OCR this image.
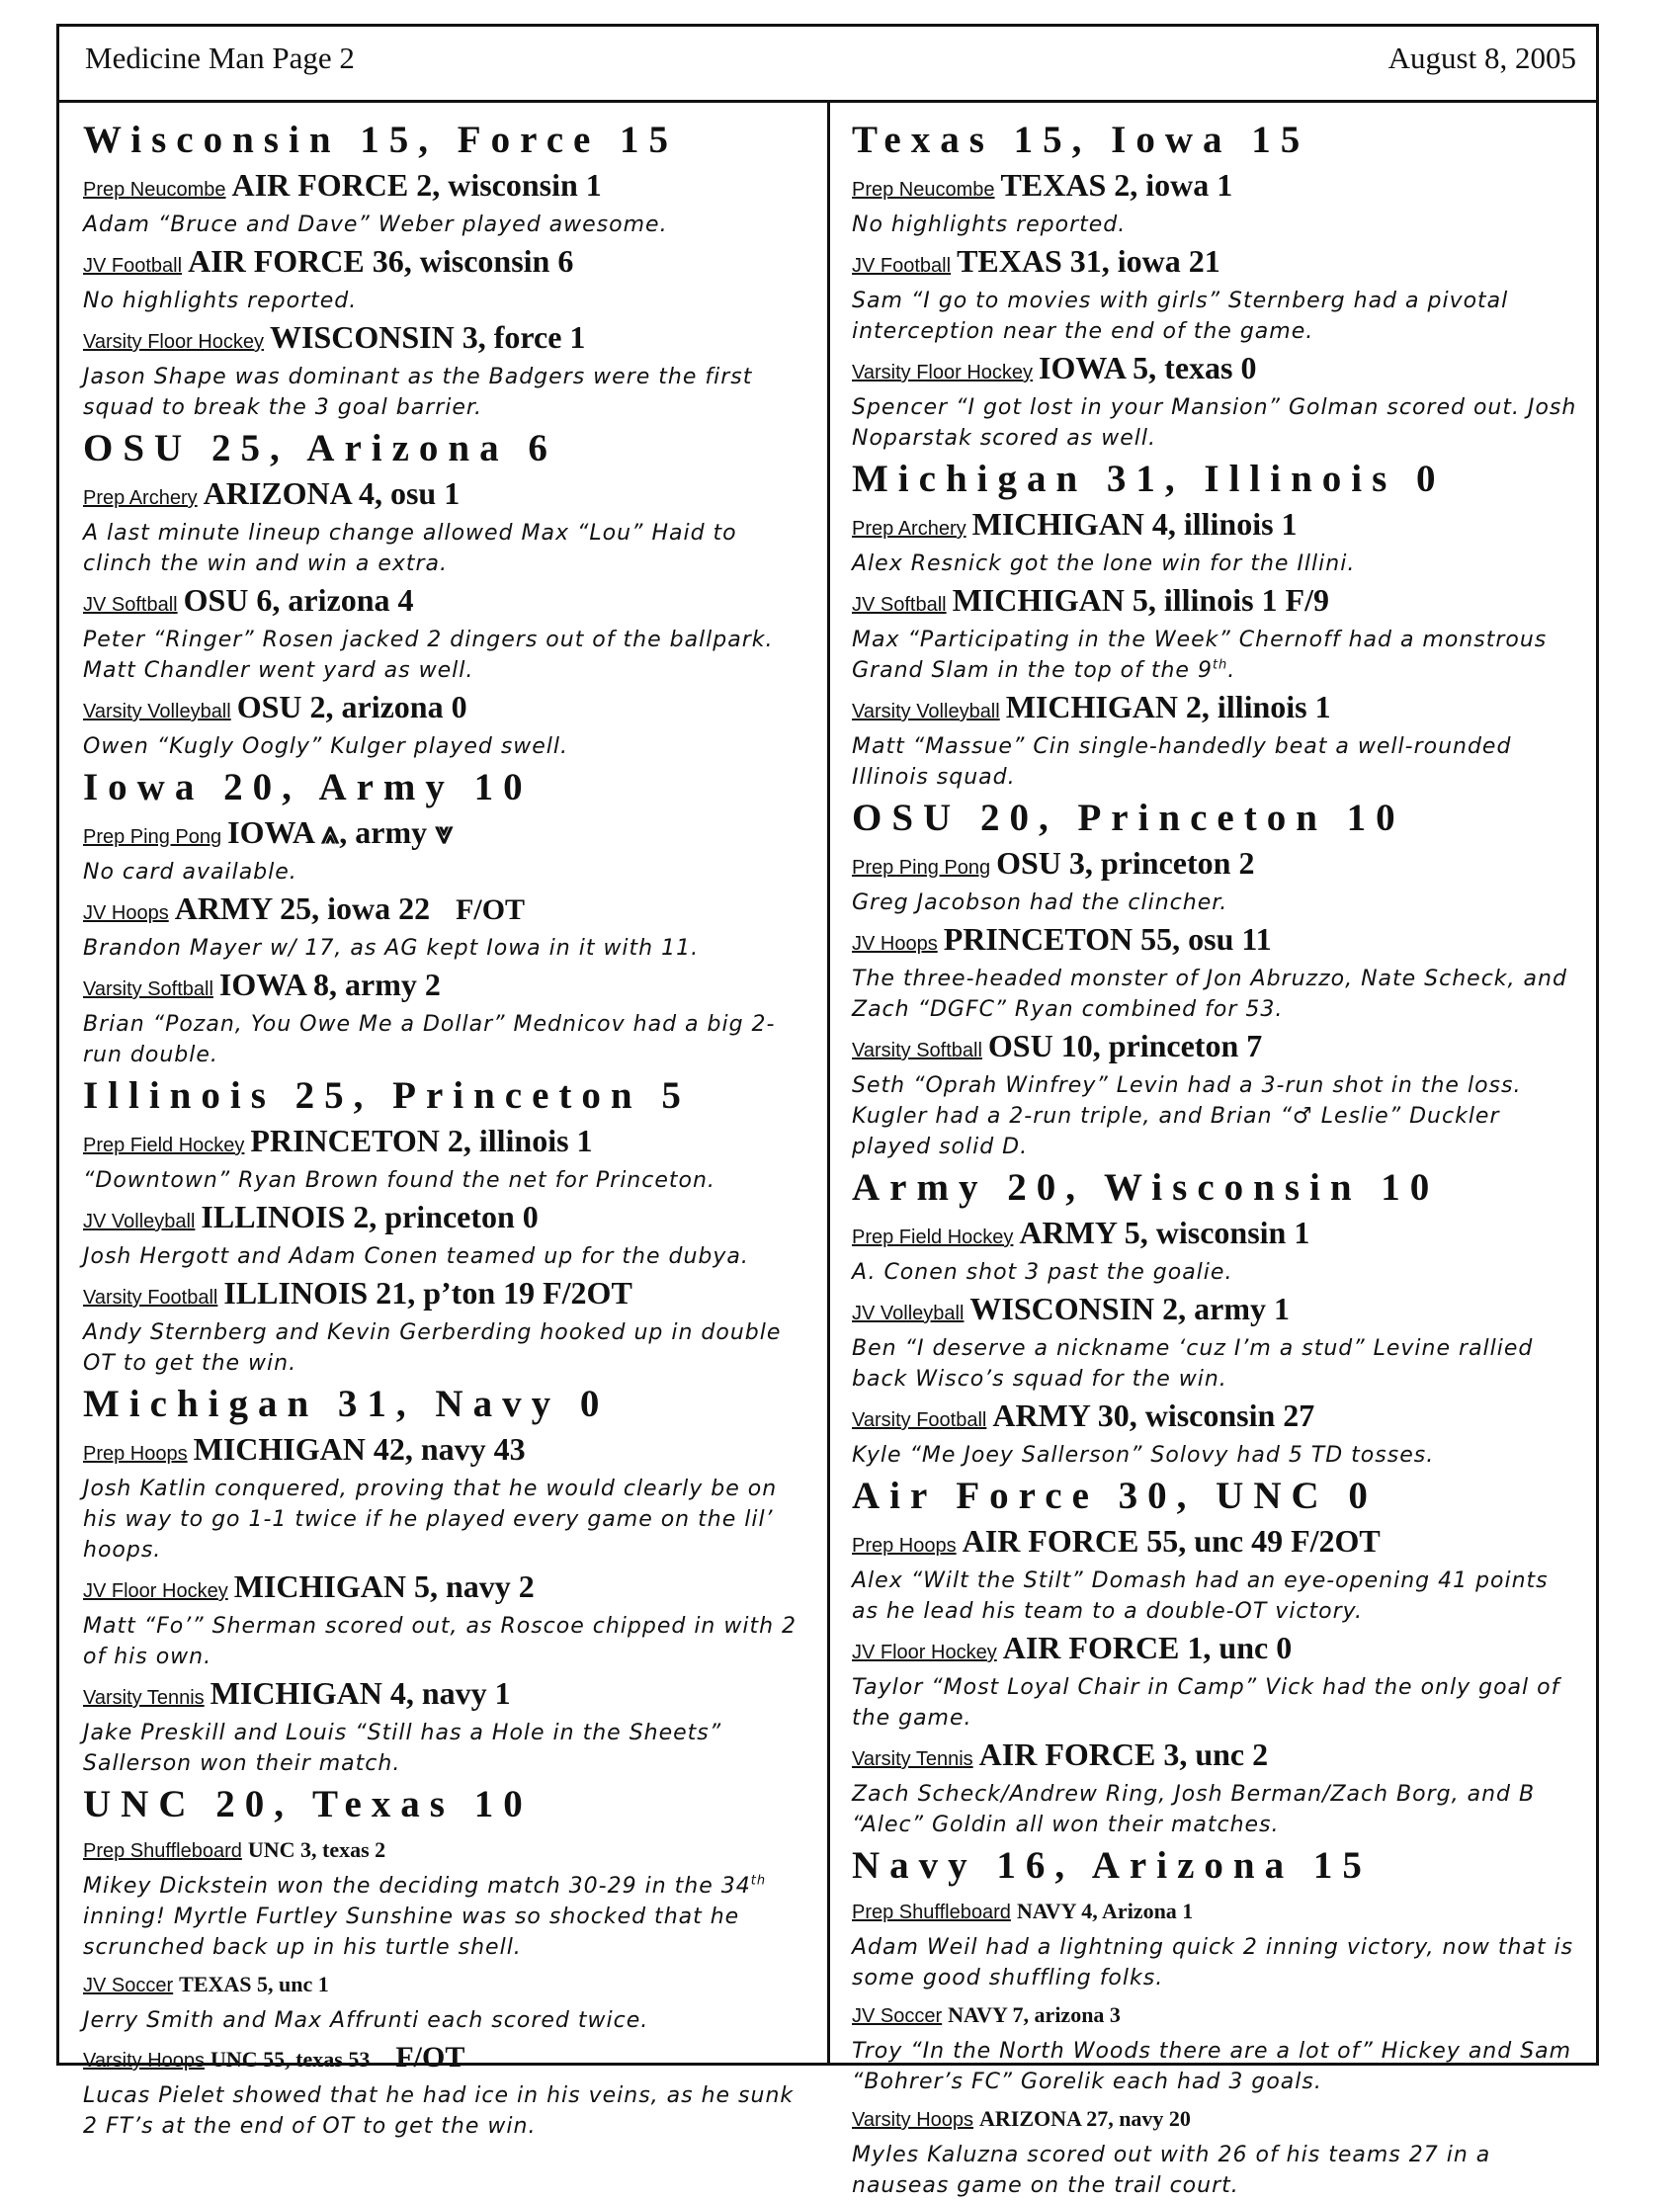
Medicine Man Page 2	August 8, 2005
Wisconsin 15, Force 15
Prep Neucombe AIR FORCE 2, wisconsin 1
Adam “Bruce and Dave” Weber played awesome.
JV Football AIR FORCE 36, wisconsin 6
No highlights reported.
Varsity Floor Hockey WISCONSIN 3, force 1
Jason Shape was dominant as the Badgers were the first squad to break the 3 goal barrier.
OSU 25, Arizona 6
Prep Archery ARIZONA 4, osu 1
A last minute lineup change allowed Max “Lou” Haid to clinch the win and win a extra.
JV Softball OSU 6, arizona 4
Peter “Ringer” Rosen jacked 2 dingers out of the ballpark. Matt Chandler went yard as well.
Varsity Volleyball OSU 2, arizona 0
Owen “Kugly Oogly” Kulger played swell.
Iowa 20, Army 10
Prep Ping Pong IOWA ⩓, army ⩔
No card available.
JV Hoops ARMY 25, iowa 22 F/OT
Brandon Mayer w/ 17, as AG kept Iowa in it with 11.
Varsity Softball IOWA 8, army 2
Brian “Pozan, You Owe Me a Dollar” Mednicov had a big 2-run double.
Illinois 25, Princeton 5
Prep Field Hockey PRINCETON 2, illinois 1
“Downtown” Ryan Brown found the net for Princeton.
JV Volleyball ILLINOIS 2, princeton 0
Josh Hergott and Adam Conen teamed up for the dubya.
Varsity Football ILLINOIS 21, p’ton 19 F/2OT
Andy Sternberg and Kevin Gerberding hooked up in double OT to get the win.
Michigan 31, Navy 0
Prep Hoops MICHIGAN 42, navy 43
Josh Katlin conquered, proving that he would clearly be on his way to go 1-1 twice if he played every game on the lil’ hoops.
JV Floor Hockey MICHIGAN 5, navy 2
Matt “Fo’” Sherman scored out, as Roscoe chipped in with 2 of his own.
Varsity Tennis MICHIGAN 4, navy 1
Jake Preskill and Louis “Still has a Hole in the Sheets” Sallerson won their match.
UNC 20, Texas 10
Prep Shuffleboard UNC 3, texas 2
Mikey Dickstein won the deciding match 30-29 in the 34th inning! Myrtle Furtley Sunshine was so shocked that he scrunched back up in his turtle shell.
JV Soccer TEXAS 5, unc 1
Jerry Smith and Max Affrunti each scored twice.
Varsity Hoops UNC 55, texas 53 F/OT
Lucas Pielet showed that he had ice in his veins, as he sunk 2 FT’s at the end of OT to get the win.
Texas 15, Iowa 15
Prep Neucombe TEXAS 2, iowa 1
No highlights reported.
JV Football TEXAS 31, iowa 21
Sam “I go to movies with girls” Sternberg had a pivotal interception near the end of the game.
Varsity Floor Hockey IOWA 5, texas 0
Spencer “I got lost in your Mansion” Golman scored out. Josh Noparstak scored as well.
Michigan 31, Illinois 0
Prep Archery MICHIGAN 4, illinois 1
Alex Resnick got the lone win for the Illini.
JV Softball MICHIGAN 5, illinois 1 F/9
Max “Participating in the Week” Chernoff had a monstrous Grand Slam in the top of the 9th.
Varsity Volleyball MICHIGAN 2, illinois 1
Matt “Massue” Cin single-handedly beat a well-rounded Illinois squad.
OSU 20, Princeton 10
Prep Ping Pong OSU 3, princeton 2
Greg Jacobson had the clincher.
JV Hoops PRINCETON 55, osu 11
The three-headed monster of Jon Abruzzo, Nate Scheck, and Zach “DGFC” Ryan combined for 53.
Varsity Softball OSU 10, princeton 7
Seth “Oprah Winfrey” Levin had a 3-run shot in the loss. Kugler had a 2-run triple, and Brian “♂ Leslie” Duckler played solid D.
Army 20, Wisconsin 10
Prep Field Hockey ARMY 5, wisconsin 1
A. Conen shot 3 past the goalie.
JV Volleyball WISCONSIN 2, army 1
Ben “I deserve a nickname ‘cuz I’m a stud” Levine rallied back Wisco’s squad for the win.
Varsity Football ARMY 30, wisconsin 27
Kyle “Me Joey Sallerson” Solovy had 5 TD tosses.
Air Force 30, UNC 0
Prep Hoops AIR FORCE 55, unc 49 F/2OT
Alex “Wilt the Stilt” Domash had an eye-opening 41 points as he lead his team to a double-OT victory.
JV Floor Hockey AIR FORCE 1, unc 0
Taylor “Most Loyal Chair in Camp” Vick had the only goal of the game.
Varsity Tennis AIR FORCE 3, unc 2
Zach Scheck/Andrew Ring, Josh Berman/Zach Borg, and B “Alec” Goldin all won their matches.
Navy 16, Arizona 15
Prep Shuffleboard NAVY 4, Arizona 1
Adam Weil had a lightning quick 2 inning victory, now that is some good shuffling folks.
JV Soccer NAVY 7, arizona 3
Troy “In the North Woods there are a lot of” Hickey and Sam “Bohrer’s FC” Gorelik each had 3 goals.
Varsity Hoops ARIZONA 27, navy 20
Myles Kaluzna scored out with 26 of his teams 27 in a nauseas game on the trail court.
